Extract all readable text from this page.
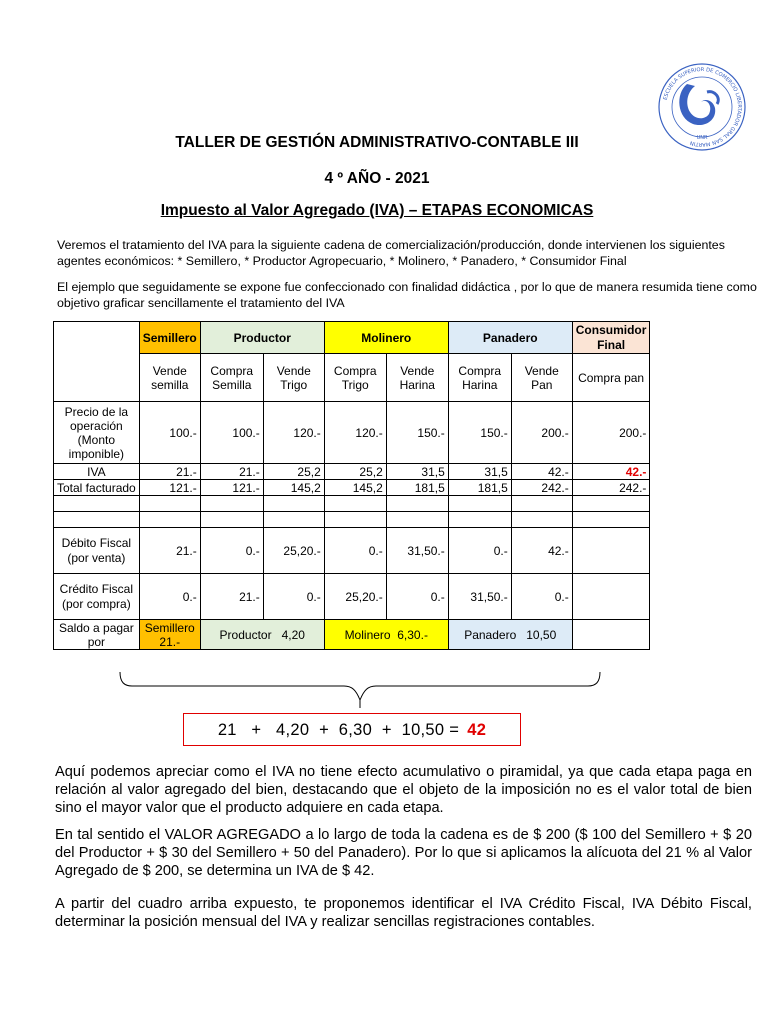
ESCUELA SUPERIOR DE COMERCIO LIBERTADOR GRAL SAN MARTIN
UNR
TALLER DE GESTIÓN ADMINISTRATIVO-CONTABLE III
4 º AÑO - 2021
Impuesto al Valor Agregado (IVA) – ETAPAS ECONOMICAS
Veremos el tratamiento del IVA para la siguiente cadena de comercialización/producción, donde intervienen los siguientes agentes económicos: * Semillero, * Productor Agropecuario, * Molinero, * Panadero, * Consumidor Final
El ejemplo que seguidamente se expone fue confeccionado con finalidad didáctica , por lo que de manera resumida tiene como objetivo graficar sencillamente el tratamiento del IVA
	Semillero	Productor		Molinero		Panadero		Consumidor Final
	Vende semilla	Compra Semilla	Vende Trigo	Compra Trigo	Vende Harina	Compra Harina	Vende Pan	Compra pan
Precio de la operación (Monto imponible)	100.-	100.-	120.-	120.-	150.-	150.-	200.-	200.-
IVA	21.-	21.-	25,2	25,2	31,5	31,5	42.-	42.-
Total facturado	121.-	121.-	145,2	145,2	181,5	181,5	242.-	242.-

Débito Fiscal (por venta)	21.-	0.-	25,20.-	0.-	31,50.-	0.-	42.-	
Crédito Fiscal (por compra)	0.-	21.-	0.-	25,20.-	0.-	31,50.-	0.-	
Saldo a pagar por	Semillero 21.-	Productor   4,20		Molinero  6,30.-		Panadero   10,50		
21   +   4,20  +  6,30  +  10,50 = 42
Aquí podemos apreciar como el IVA no tiene efecto acumulativo o piramidal, ya que cada etapa paga en relación al valor agregado del bien, destacando que el objeto de la imposición no es el valor total de bien sino el mayor valor que el producto adquiere en cada etapa.
En tal sentido el VALOR AGREGADO a lo largo de toda la cadena es de $ 200 ($ 100 del Semillero + $ 20 del Productor + $ 30 del Semillero + 50 del Panadero). Por lo que si aplicamos la alícuota del 21 % al Valor Agregado de $ 200, se determina un IVA de $ 42.
A partir del cuadro arriba expuesto, te proponemos identificar el IVA Crédito Fiscal, IVA Débito Fiscal, determinar la posición mensual del IVA y realizar sencillas registraciones contables.
